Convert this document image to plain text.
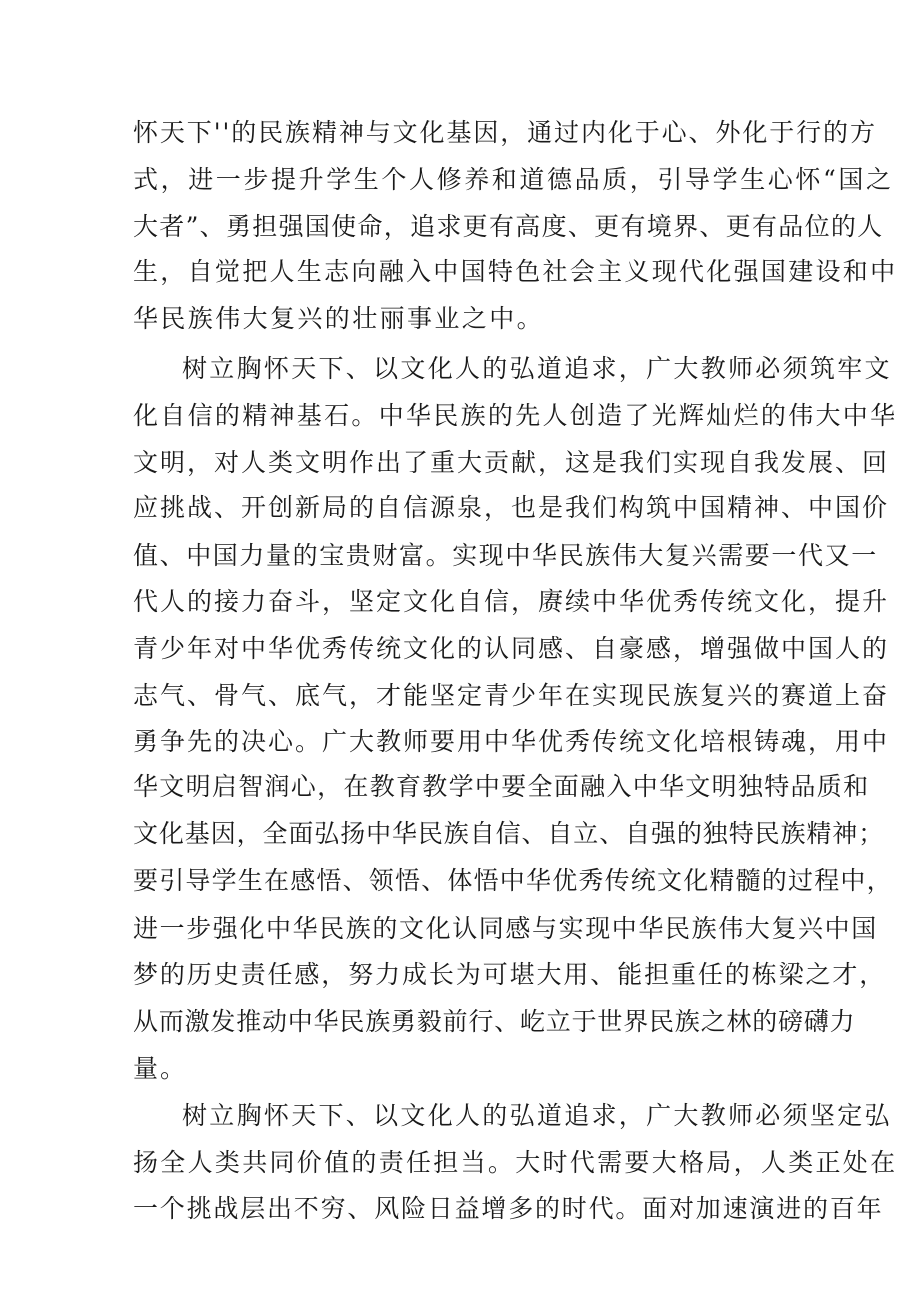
怀天下''的民族精神与文化基因，通过内化于心、外化于行的方
式，进一步提升学生个人修养和道德品质，引导学生心怀“国之
大者”、勇担强国使命，追求更有高度、更有境界、更有品位的人
生，自觉把人生志向融入中国特色社会主义现代化强国建设和中
华民族伟大复兴的壮丽事业之中。
树立胸怀天下、以文化人的弘道追求，广大教师必须筑牢文
化自信的精神基石。中华民族的先人创造了光辉灿烂的伟大中华
文明，对人类文明作出了重大贡献，这是我们实现自我发展、回
应挑战、开创新局的自信源泉，也是我们构筑中国精神、中国价
值、中国力量的宝贵财富。实现中华民族伟大复兴需要一代又一
代人的接力奋斗，坚定文化自信，赓续中华优秀传统文化，提升
青少年对中华优秀传统文化的认同感、自豪感，增强做中国人的
志气、骨气、底气，才能坚定青少年在实现民族复兴的赛道上奋
勇争先的决心。广大教师要用中华优秀传统文化培根铸魂，用中
华文明启智润心，在教育教学中要全面融入中华文明独特品质和
文化基因，全面弘扬中华民族自信、自立、自强的独特民族精神；
要引导学生在感悟、领悟、体悟中华优秀传统文化精髓的过程中，
进一步强化中华民族的文化认同感与实现中华民族伟大复兴中国
梦的历史责任感，努力成长为可堪大用、能担重任的栋梁之才，
从而激发推动中华民族勇毅前行、屹立于世界民族之林的磅礴力
量。
树立胸怀天下、以文化人的弘道追求，广大教师必须坚定弘
扬全人类共同价值的责任担当。大时代需要大格局，人类正处在
一个挑战层出不穷、风险日益增多的时代。面对加速演进的百年
